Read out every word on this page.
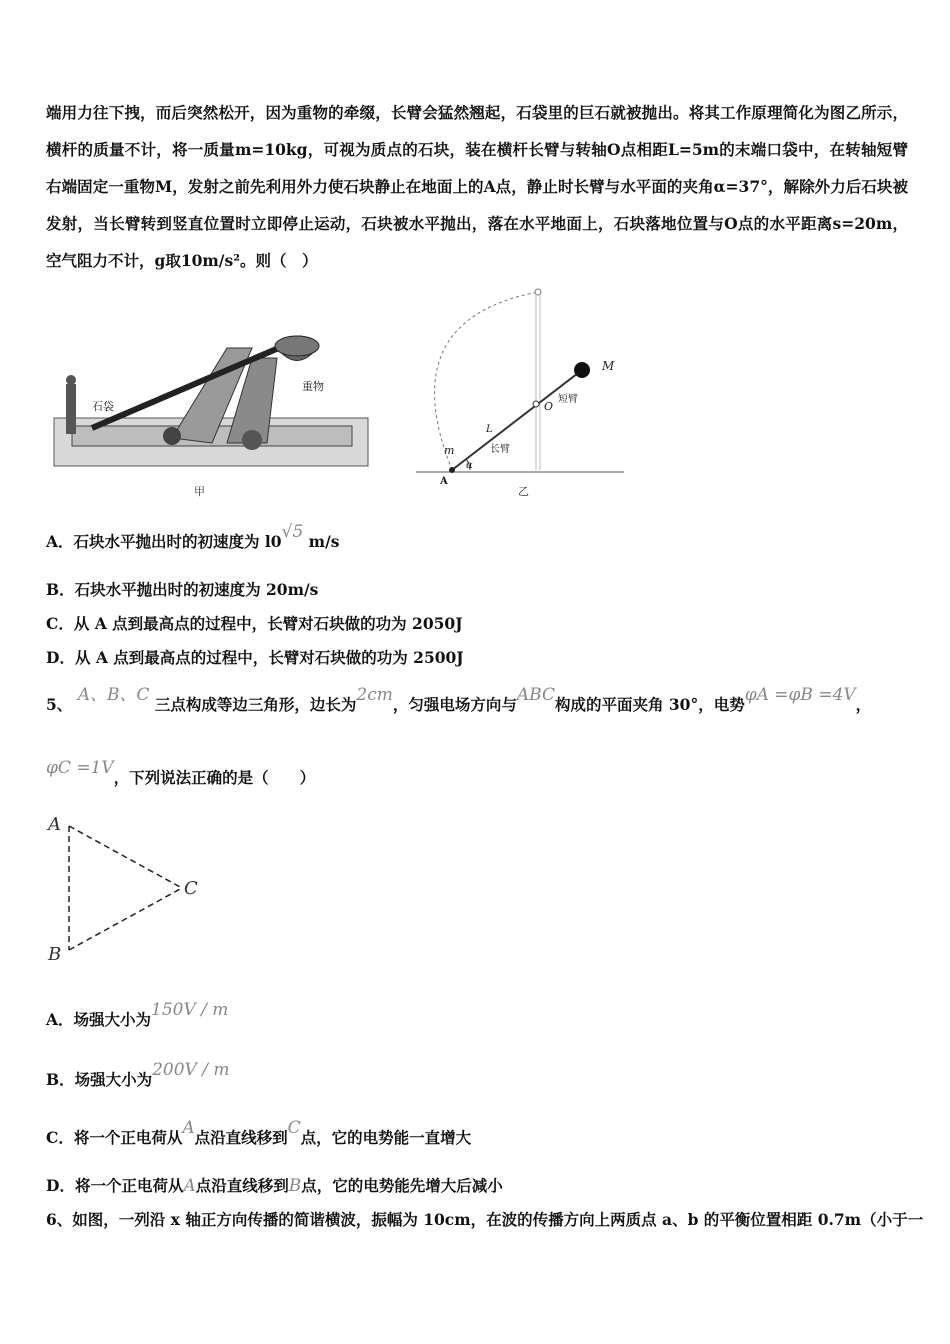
端用力往下拽，而后突然松开，因为重物的牵缀，长臂会猛然翘起，石袋里的巨石就被抛出。将其工作原理简化为图乙所示，横杆的质量不计，将一质量m=10kg，可视为质点的石块，装在横杆长臂与转轴O点相距L=5m的末端口袋中，在转轴短臂右端固定一重物M，发射之前先利用外力使石块静止在地面上的A点，静止时长臂与水平面的夹角α=37°，解除外力后石块被发射，当长臂转到竖直位置时立即停止运动，石块被水平抛出，落在水平地面上，石块落地位置与O点的水平距离s=20m，空气阻力不计，g取10m/s²。则（　）
石袋
重物
甲
M
O
短臂
L
长臂
m
α
A
乙
A．石块水平抛出时的初速度为 l0√5 m/s
B．石块水平抛出时的初速度为 20m/s
C．从 A 点到最高点的过程中，长臂对石块做的功为 2050J
D．从 A 点到最高点的过程中，长臂对石块做的功为 2500J
5、 A、B、C 三点构成等边三角形，边长为2cm，匀强电场方向与ABC构成的平面夹角 30°，电势φA =φB =4V，
φC =1V，下列说法正确的是（　　）
A
B
C
A．场强大小为150V / m
B．场强大小为200V / m
C．将一个正电荷从A点沿直线移到C点，它的电势能一直增大
D．将一个正电荷从A点沿直线移到B点，它的电势能先增大后减小
6、如图，一列沿 x 轴正方向传播的简谐横波，振幅为 10cm，在波的传播方向上两质点 a、b 的平衡位置相距 0.7m（小于一
